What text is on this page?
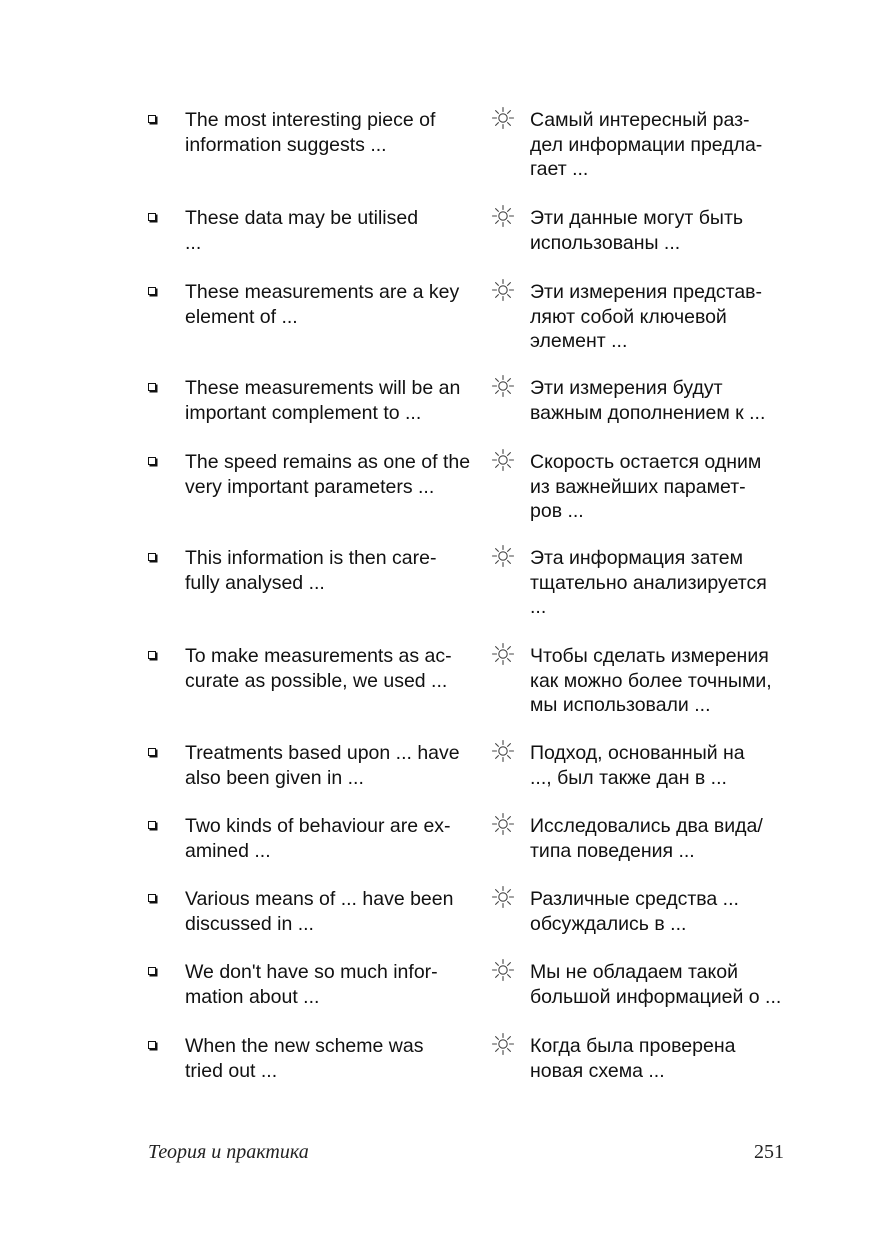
The most interesting piece of
information suggests ...
Самый интересный раз-
дел информации предла-
гает ...
These data may be utilised
...
Эти данные могут быть
использованы ...
These measurements are a key
element of ...
Эти измерения представ-
ляют собой ключевой
элемент ...
These measurements will be an
important complement to ...
Эти измерения будут
важным дополнением к ...
The speed remains as one of the
very important parameters ...
Скорость остается одним
из важнейших парамет-
ров ...
This information is then care-
fully analysed ...
Эта информация затем
тщательно анализируется
...
To make measurements as ac-
curate as possible, we used ...
Чтобы сделать измерения
как можно более точными,
мы использовали ...
Treatments based upon ... have
also been given in ...
Подход, основанный на
..., был также дан в ...
Two kinds of behaviour are ex-
amined ...
Исследовались два вида/
типа поведения ...
Various means of ... have been
discussed in ...
Различные средства ...
обсуждались в ...
We don't have so much infor-
mation about ...
Мы не обладаем такой
большой информацией о ...
When the new scheme was
tried out ...
Когда была проверена
новая схема ...
Теория и практика	251
